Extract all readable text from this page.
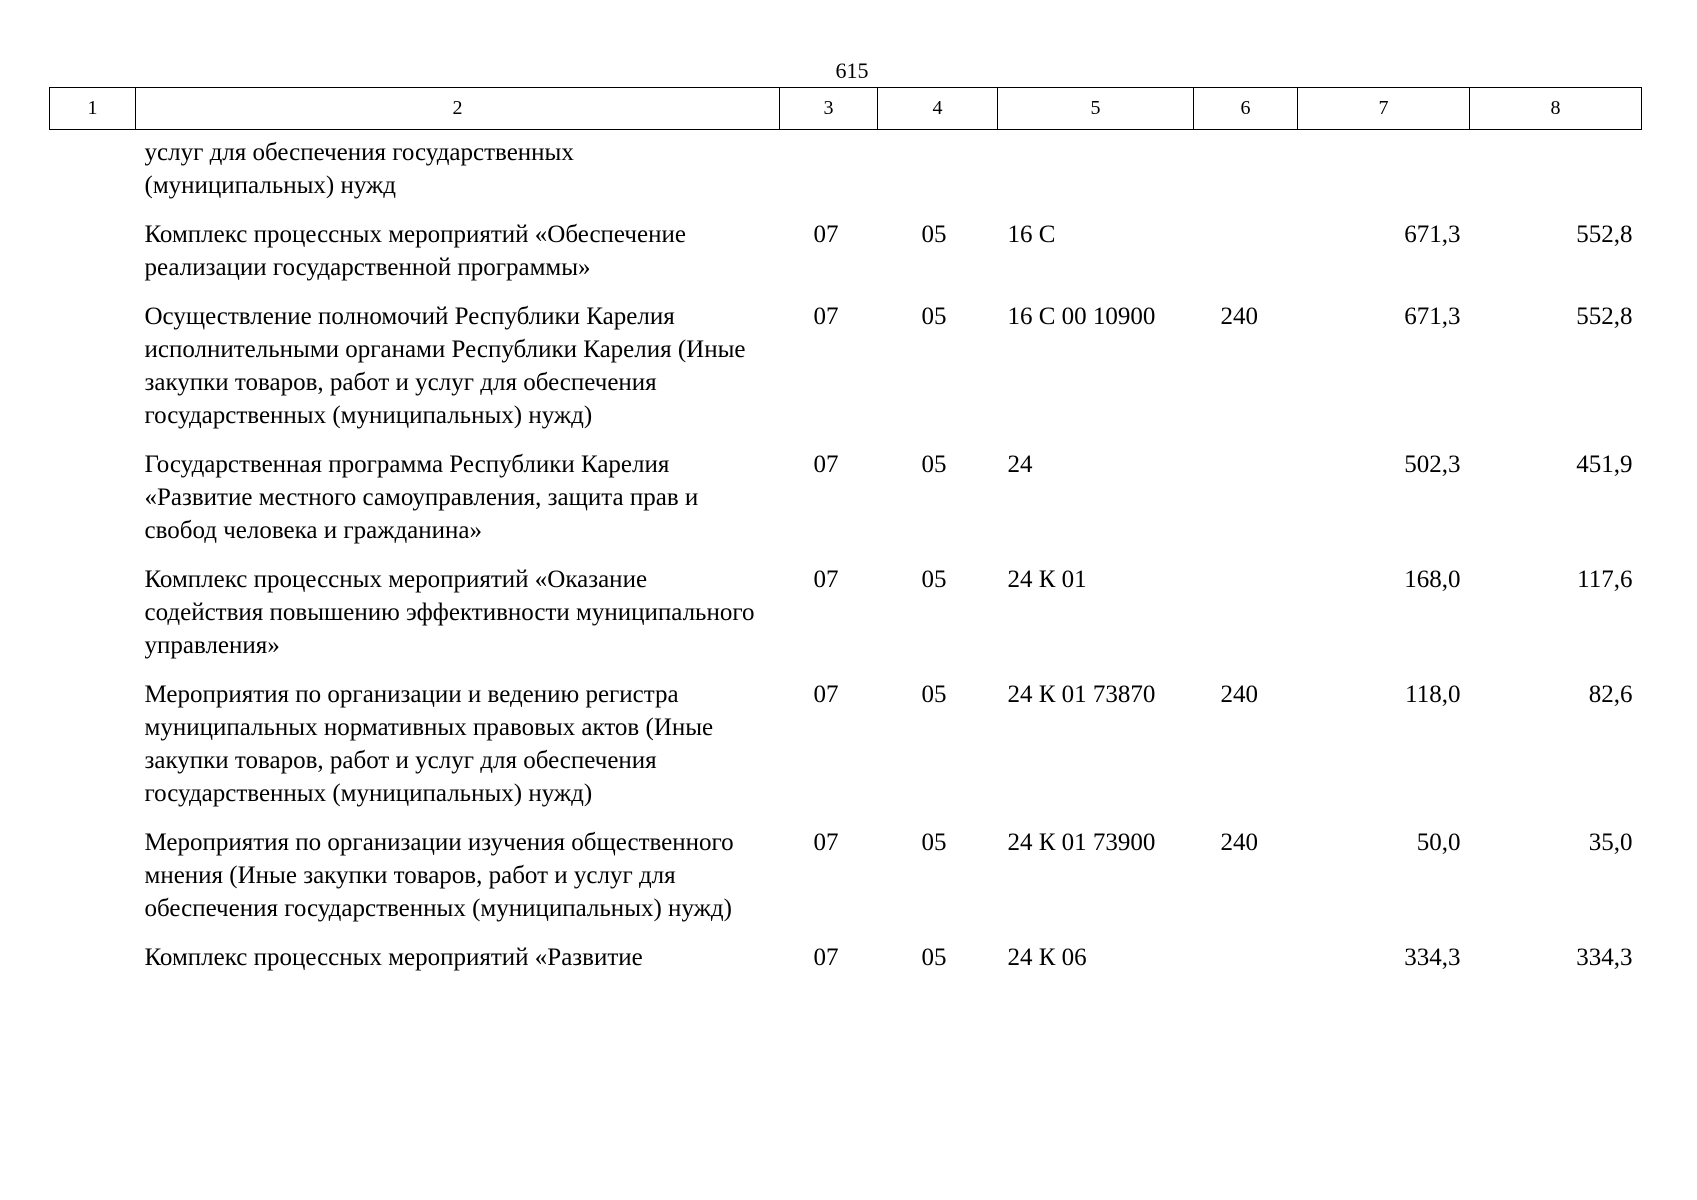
615
1	2	3	4	5	6	7	8

	услуг для обеспечения государственных (муниципальных) нужд						

	Комплекс процессных мероприятий «Обеспечение реализации государственной программы»	07	05	16 С		671,3	552,8

	Осуществление полномочий Республики Карелия исполнительными органами Республики Карелия (Иные закупки товаров, работ и услуг для обеспечения государственных (муниципальных) нужд)	07	05	16 С 00 10900	240	671,3	552,8

	Государственная программа Республики Карелия «Развитие местного самоуправления, защита прав и свобод человека и гражданина»	07	05	24		502,3	451,9

	Комплекс процессных мероприятий «Оказание содействия повышению эффективности муниципального управления»	07	05	24 К 01		168,0	117,6

	Мероприятия по организации и ведению регистра муниципальных нормативных правовых актов (Иные закупки товаров, работ и услуг для обеспечения государственных (муниципальных) нужд)	07	05	24 К 01 73870	240	118,0	82,6

	Мероприятия по организации изучения общественного мнения (Иные закупки товаров, работ и услуг для обеспечения государственных (муниципальных) нужд)	07	05	24 К 01 73900	240	50,0	35,0

	Комплекс процессных мероприятий «Развитие	07	05	24 К 06		334,3	334,3
